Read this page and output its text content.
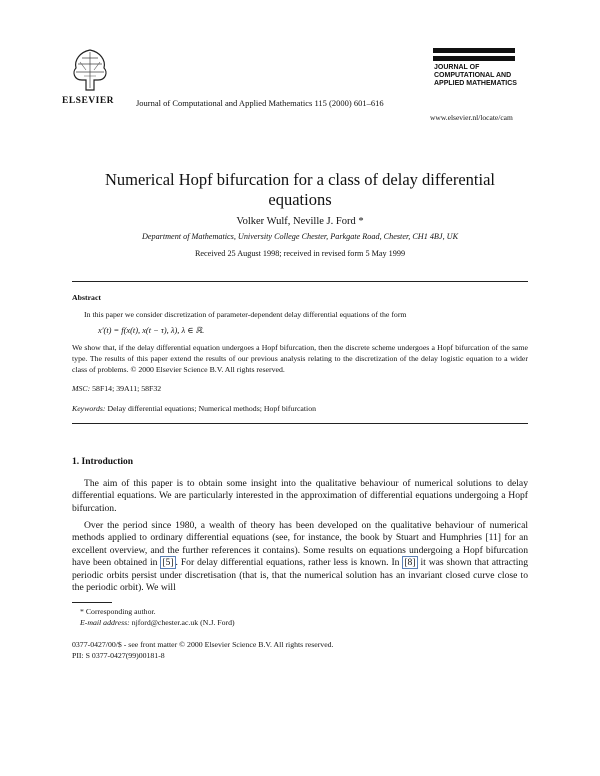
ELSEVIER	Journal of Computational and Applied Mathematics 115 (2000) 601–616
JOURNAL OF
COMPUTATIONAL AND
APPLIED MATHEMATICS
www.elsevier.nl/locate/cam
Numerical Hopf bifurcation for a class of delay differential
equations
Volker Wulf, Neville J. Ford *
Department of Mathematics, University College Chester, Parkgate Road, Chester, CH1 4BJ, UK
Received 25 August 1998; received in revised form 5 May 1999
Abstract
In this paper we consider discretization of parameter-dependent delay differential equations of the form
x′(t) = f(x(t), x(t − τ), λ), λ ∈ ℝ.
We show that, if the delay differential equation undergoes a Hopf bifurcation, then the discrete scheme undergoes a Hopf bifurcation of the same type. The results of this paper extend the results of our previous analysis relating to the discretization of the delay logistic equation to a wider class of problems. © 2000 Elsevier Science B.V. All rights reserved.
MSC: 58F14; 39A11; 58F32
Keywords: Delay differential equations; Numerical methods; Hopf bifurcation
1. Introduction
The aim of this paper is to obtain some insight into the qualitative behaviour of numerical solutions to delay differential equations. We are particularly interested in the approximation of differential equations undergoing a Hopf bifurcation.
Over the period since 1980, a wealth of theory has been developed on the qualitative behaviour of numerical methods applied to ordinary differential equations (see, for instance, the book by Stuart and Humphries [11] for an excellent overview, and the further references it contains). Some results on equations undergoing a Hopf bifurcation have been obtained in [5] . For delay differential equations, rather less is known. In [8] it was shown that attracting periodic orbits persist under discretisation (that is, that the numerical solution has an invariant closed curve close to the periodic orbit). We will
* Corresponding author.
E-mail address: njford@chester.ac.uk (N.J. Ford)
0377-0427/00/$ - see front matter © 2000 Elsevier Science B.V. All rights reserved.
PII: S 0377-0427(99)00181-8
